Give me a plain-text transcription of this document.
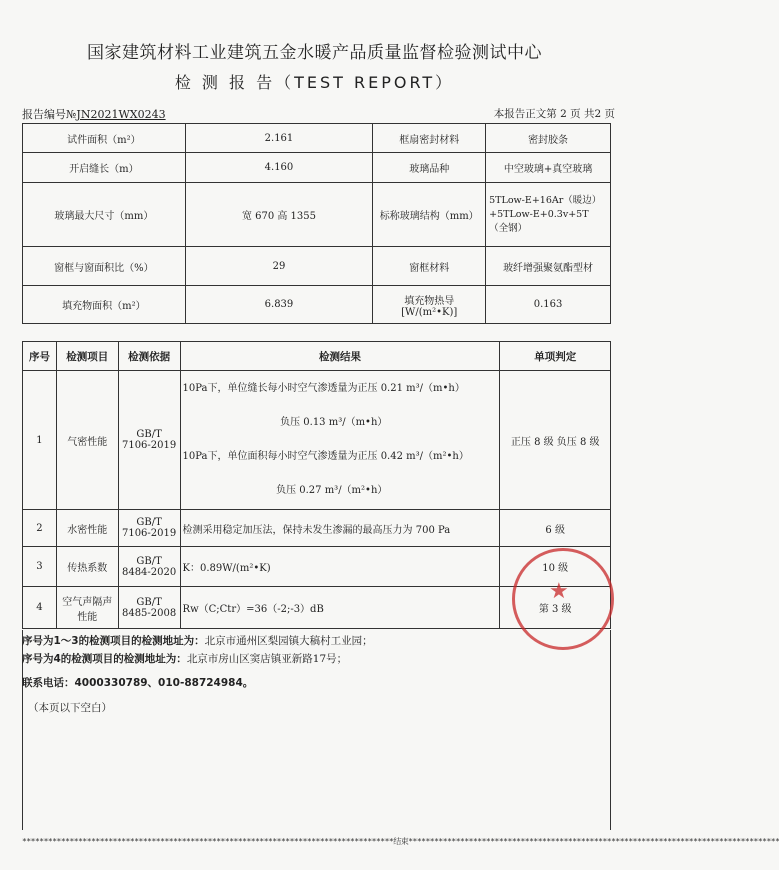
国家建筑材料工业建筑五金水暖产品质量监督检验测试中心
检 测 报 告（TEST REPORT）
报告编号№JN2021WX0243	本报告正文第 2 页 共2 页
试件面积（m²）	2.161	框扇密封材料	密封胶条
开启缝长（m）	4.160	玻璃品种	中空玻璃+真空玻璃
玻璃最大尺寸（mm）	宽 670 高 1355	标称玻璃结构（mm）	5TLow-E+16Ar（暖边）+5TLow-E+0.3v+5T（全钢）
窗框与窗面积比（%）	29	窗框材料	玻纤增强聚氨酯型材
填充物面积（m²）	6.839	填充物热导[W/(m²•K)]	0.163
序号	检测项目	检测依据	检测结果	单项判定
1	气密性能	GB/T 7106-2019	10Pa下，单位缝长每小时空气渗透量为正压 0.21 m³/（m•h）
负压 0.13 m³/（m•h）
10Pa下，单位面积每小时空气渗透量为正压 0.42 m³/（m²•h）
负压 0.27 m³/（m²•h）	正压 8 级 负压 8 级
2	水密性能	GB/T 7106-2019	检测采用稳定加压法，保持未发生渗漏的最高压力为 700 Pa	6 级
3	传热系数	GB/T 8484-2020	K：0.89W/(m²•K)	10 级
4	空气声隔声性能	GB/T 8485-2008	Rw（C;Ctr）=36（-2;-3）dB	第 3 级
序号为1～3的检测项目的检测地址为：北京市通州区梨园镇大稿村工业园；
序号为4的检测项目的检测地址为：北京市房山区窦店镇亚新路17号；
联系电话：4000330789、010-88724984。
（本页以下空白）
★
**************************************************************************************结束**************************************************************************************
